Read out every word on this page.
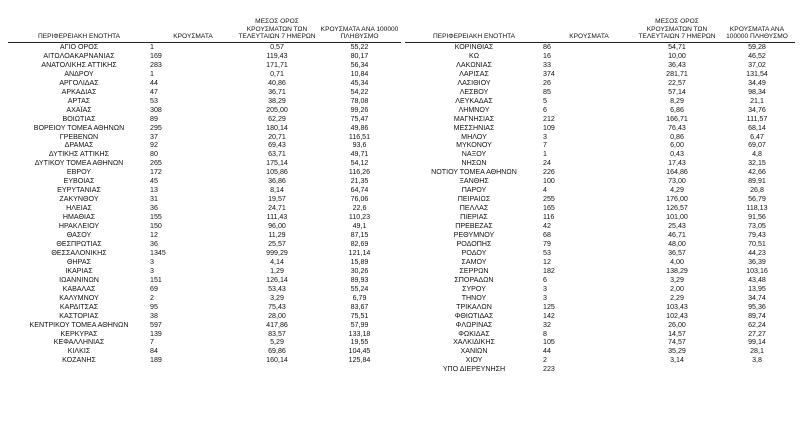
ΠΕΡΙΦΕΡΕΙΑΚΗ ΕΝΟΤΗΤΑ	ΚΡΟΥΣΜΑΤΑ	ΜΕΣΟΣ ΟΡΟΣ ΚΡΟΥΣΜΑΤΩΝ ΤΩΝ ΤΕΛΕΥΤΑΙΩΝ 7 ΗΜΕΡΩΝ	ΚΡΟΥΣΜΑΤΑ ΑΝΑ 100000 ΠΛΗΘΥΣΜΟ
ΑΓΙΟ ΟΡΟΣ	1	0,57	55,22
ΑΙΤΩΛΟΑΚΑΡΝΑΝΙΑΣ	169	119,43	80,17
ΑΝΑΤΟΛΙΚΗΣ ΑΤΤΙΚΗΣ	283	171,71	56,34
ΑΝΔΡΟΥ	1	0,71	10,84
ΑΡΓΟΛΙΔΑΣ	44	40,86	45,34
ΑΡΚΑΔΙΑΣ	47	36,71	54,22
ΑΡΤΑΣ	53	38,29	78,08
ΑΧΑΪΑΣ	308	205,00	99,26
ΒΟΙΩΤΙΑΣ	89	62,29	75,47
ΒΟΡΕΙΟΥ ΤΟΜΕΑ ΑΘΗΝΩΝ	295	180,14	49,86
ΓΡΕΒΕΝΩΝ	37	20,71	116,51
ΔΡΑΜΑΣ	92	69,43	93,6
ΔΥΤΙΚΗΣ ΑΤΤΙΚΗΣ	80	63,71	49,71
ΔΥΤΙΚΟΥ ΤΟΜΕΑ ΑΘΗΝΩΝ	265	175,14	54,12
ΕΒΡΟΥ	172	105,86	116,26
ΕΥΒΟΙΑΣ	45	36,86	21,35
ΕΥΡΥΤΑΝΙΑΣ	13	8,14	64,74
ΖΑΚΥΝΘΟΥ	31	19,57	76,06
ΗΛΕΙΑΣ	36	24,71	22,6
ΗΜΑΘΙΑΣ	155	111,43	110,23
ΗΡΑΚΛΕΙΟΥ	150	96,00	49,1
ΘΑΣΟΥ	12	11,29	87,15
ΘΕΣΠΡΩΤΙΑΣ	36	25,57	82,69
ΘΕΣΣΑΛΟΝΙΚΗΣ	1345	999,29	121,14
ΘΗΡΑΣ	3	4,14	15,89
ΙΚΑΡΙΑΣ	3	1,29	30,26
ΙΩΑΝΝΙΝΩΝ	151	126,14	89,93
ΚΑΒΑΛΑΣ	69	53,43	55,24
ΚΑΛΥΜΝΟΥ	2	3,29	6,79
ΚΑΡΔΙΤΣΑΣ	95	75,43	83,67
ΚΑΣΤΟΡΙΑΣ	38	28,00	75,51
ΚΕΝΤΡΙΚΟΥ ΤΟΜΕΑ ΑΘΗΝΩΝ	597	417,86	57,99
ΚΕΡΚΥΡΑΣ	139	83,57	133,18
ΚΕΦΑΛΛΗΝΙΑΣ	7	5,29	19,55
ΚΙΛΚΙΣ	84	69,86	104,45
ΚΟΖΑΝΗΣ	189	160,14	125,84
ΠΕΡΙΦΕΡΕΙΑΚΗ ΕΝΟΤΗΤΑ	ΚΡΟΥΣΜΑΤΑ	ΜΕΣΟΣ ΟΡΟΣ ΚΡΟΥΣΜΑΤΩΝ ΤΩΝ ΤΕΛΕΥΤΑΙΩΝ 7 ΗΜΕΡΩΝ	ΚΡΟΥΣΜΑΤΑ ΑΝΑ 100000 ΠΛΗΘΥΣΜΟ
ΚΟΡΙΝΘΙΑΣ	86	54,71	59,28
ΚΩ	16	10,00	46,52
ΛΑΚΩΝΙΑΣ	33	36,43	37,02
ΛΑΡΙΣΑΣ	374	281,71	131,54
ΛΑΣΙΘΙΟΥ	26	22,57	34,49
ΛΕΣΒΟΥ	85	57,14	98,34
ΛΕΥΚΑΔΑΣ	5	8,29	21,1
ΛΗΜΝΟΥ	6	6,86	34,76
ΜΑΓΝΗΣΙΑΣ	212	166,71	111,57
ΜΕΣΣΗΝΙΑΣ	109	76,43	68,14
ΜΗΛΟΥ	3	0,86	6,47
ΜΥΚΟΝΟΥ	7	6,00	69,07
ΝΑΞΟΥ	1	0,43	4,8
ΝΗΣΩΝ	24	17,43	32,15
ΝΟΤΙΟΥ ΤΟΜΕΑ ΑΘΗΝΩΝ	226	164,86	42,66
ΞΑΝΘΗΣ	100	73,00	89,91
ΠΑΡΟΥ	4	4,29	26,8
ΠΕΙΡΑΙΩΣ	255	176,00	56,79
ΠΕΛΛΑΣ	165	126,57	118,13
ΠΙΕΡΙΑΣ	116	101,00	91,56
ΠΡΕΒΕΖΑΣ	42	25,43	73,05
ΡΕΘΥΜΝΟΥ	68	46,71	79,43
ΡΟΔΟΠΗΣ	79	48,00	70,51
ΡΟΔΟΥ	53	36,57	44,23
ΣΑΜΟΥ	12	4,00	36,39
ΣΕΡΡΩΝ	182	138,29	103,16
ΣΠΟΡΑΔΩΝ	6	3,29	43,48
ΣΥΡΟΥ	3	2,00	13,95
ΤΗΝΟΥ	3	2,29	34,74
ΤΡΙΚΑΛΩΝ	125	103,43	95,36
ΦΘΙΩΤΙΔΑΣ	142	102,43	89,74
ΦΛΩΡΙΝΑΣ	32	26,00	62,24
ΦΩΚΙΔΑΣ	8	14,57	27,27
ΧΑΛΚΙΔΙΚΗΣ	105	74,57	99,14
ΧΑΝΙΩΝ	44	35,29	28,1
ΧΙΟΥ	2	3,14	3,8
ΥΠΟ ΔΙΕΡΕΥΝΗΣΗ	223		
